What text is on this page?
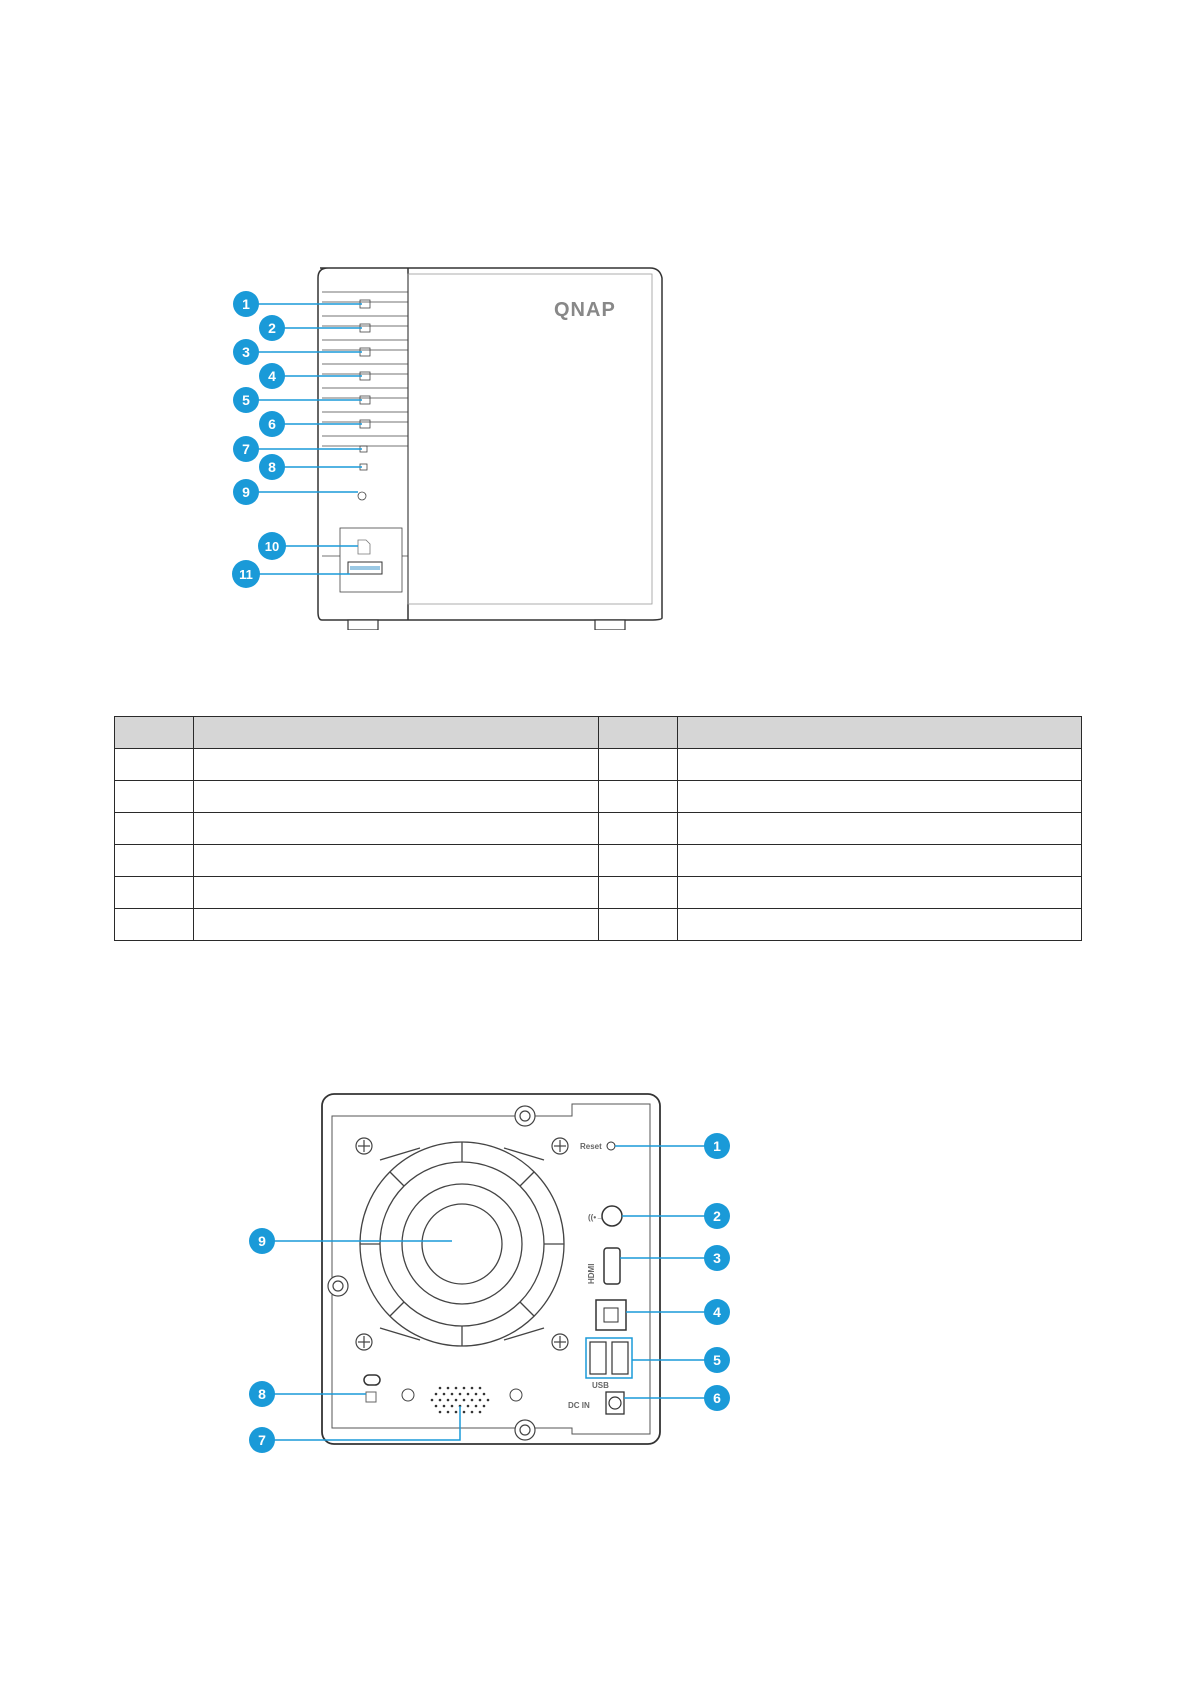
QNAP
1
2
3
4
5
6
7
8
9
10
11

Reset
((•→
HDMI
USB
DC IN
1
2
3
4
5
6
7
8
9
